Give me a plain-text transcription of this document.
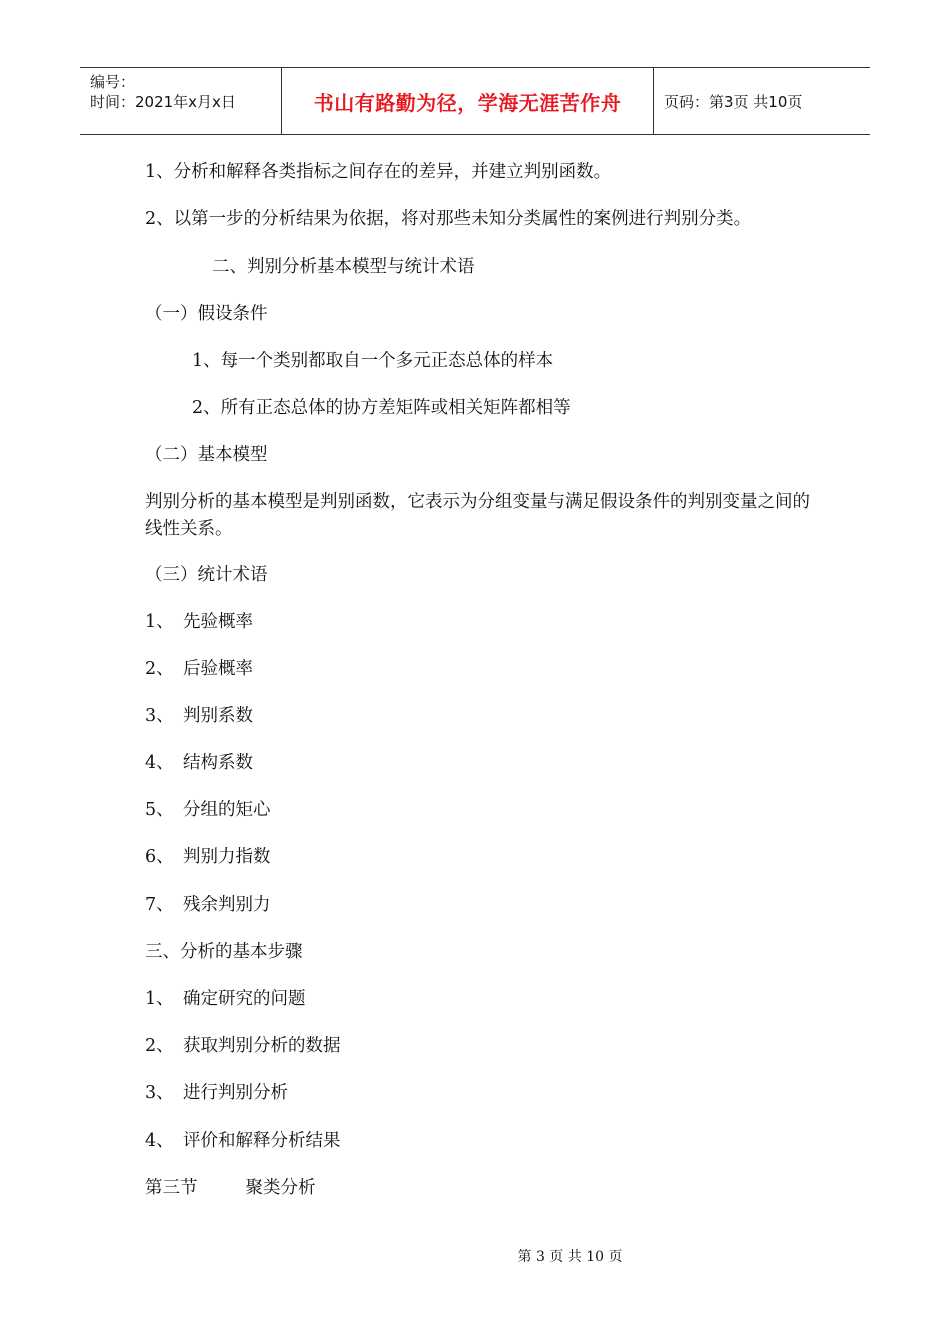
编号：
时间：2021年x月x日	书山有路勤为径，学海无涯苦作舟	页码：第3页 共10页
1、分析和解释各类指标之间存在的差异，并建立判别函数。
2、以第一步的分析结果为依据，将对那些未知分类属性的案例进行判别分类。
二、判别分析基本模型与统计术语
（一）假设条件
1、每一个类别都取自一个多元正态总体的样本
2、所有正态总体的协方差矩阵或相关矩阵都相等
（二）基本模型
判别分析的基本模型是判别函数，它表示为分组变量与满足假设条件的判别变量之间的线性关系。
（三）统计术语
1、 先验概率
2、 后验概率
3、 判别系数
4、 结构系数
5、 分组的矩心
6、 判别力指数
7、 残余判别力
三、分析的基本步骤
1、 确定研究的问题
2、 获取判别分析的数据
3、 进行判别分析
4、 评价和解释分析结果
第三节	聚类分析
第 3 页 共 10 页
